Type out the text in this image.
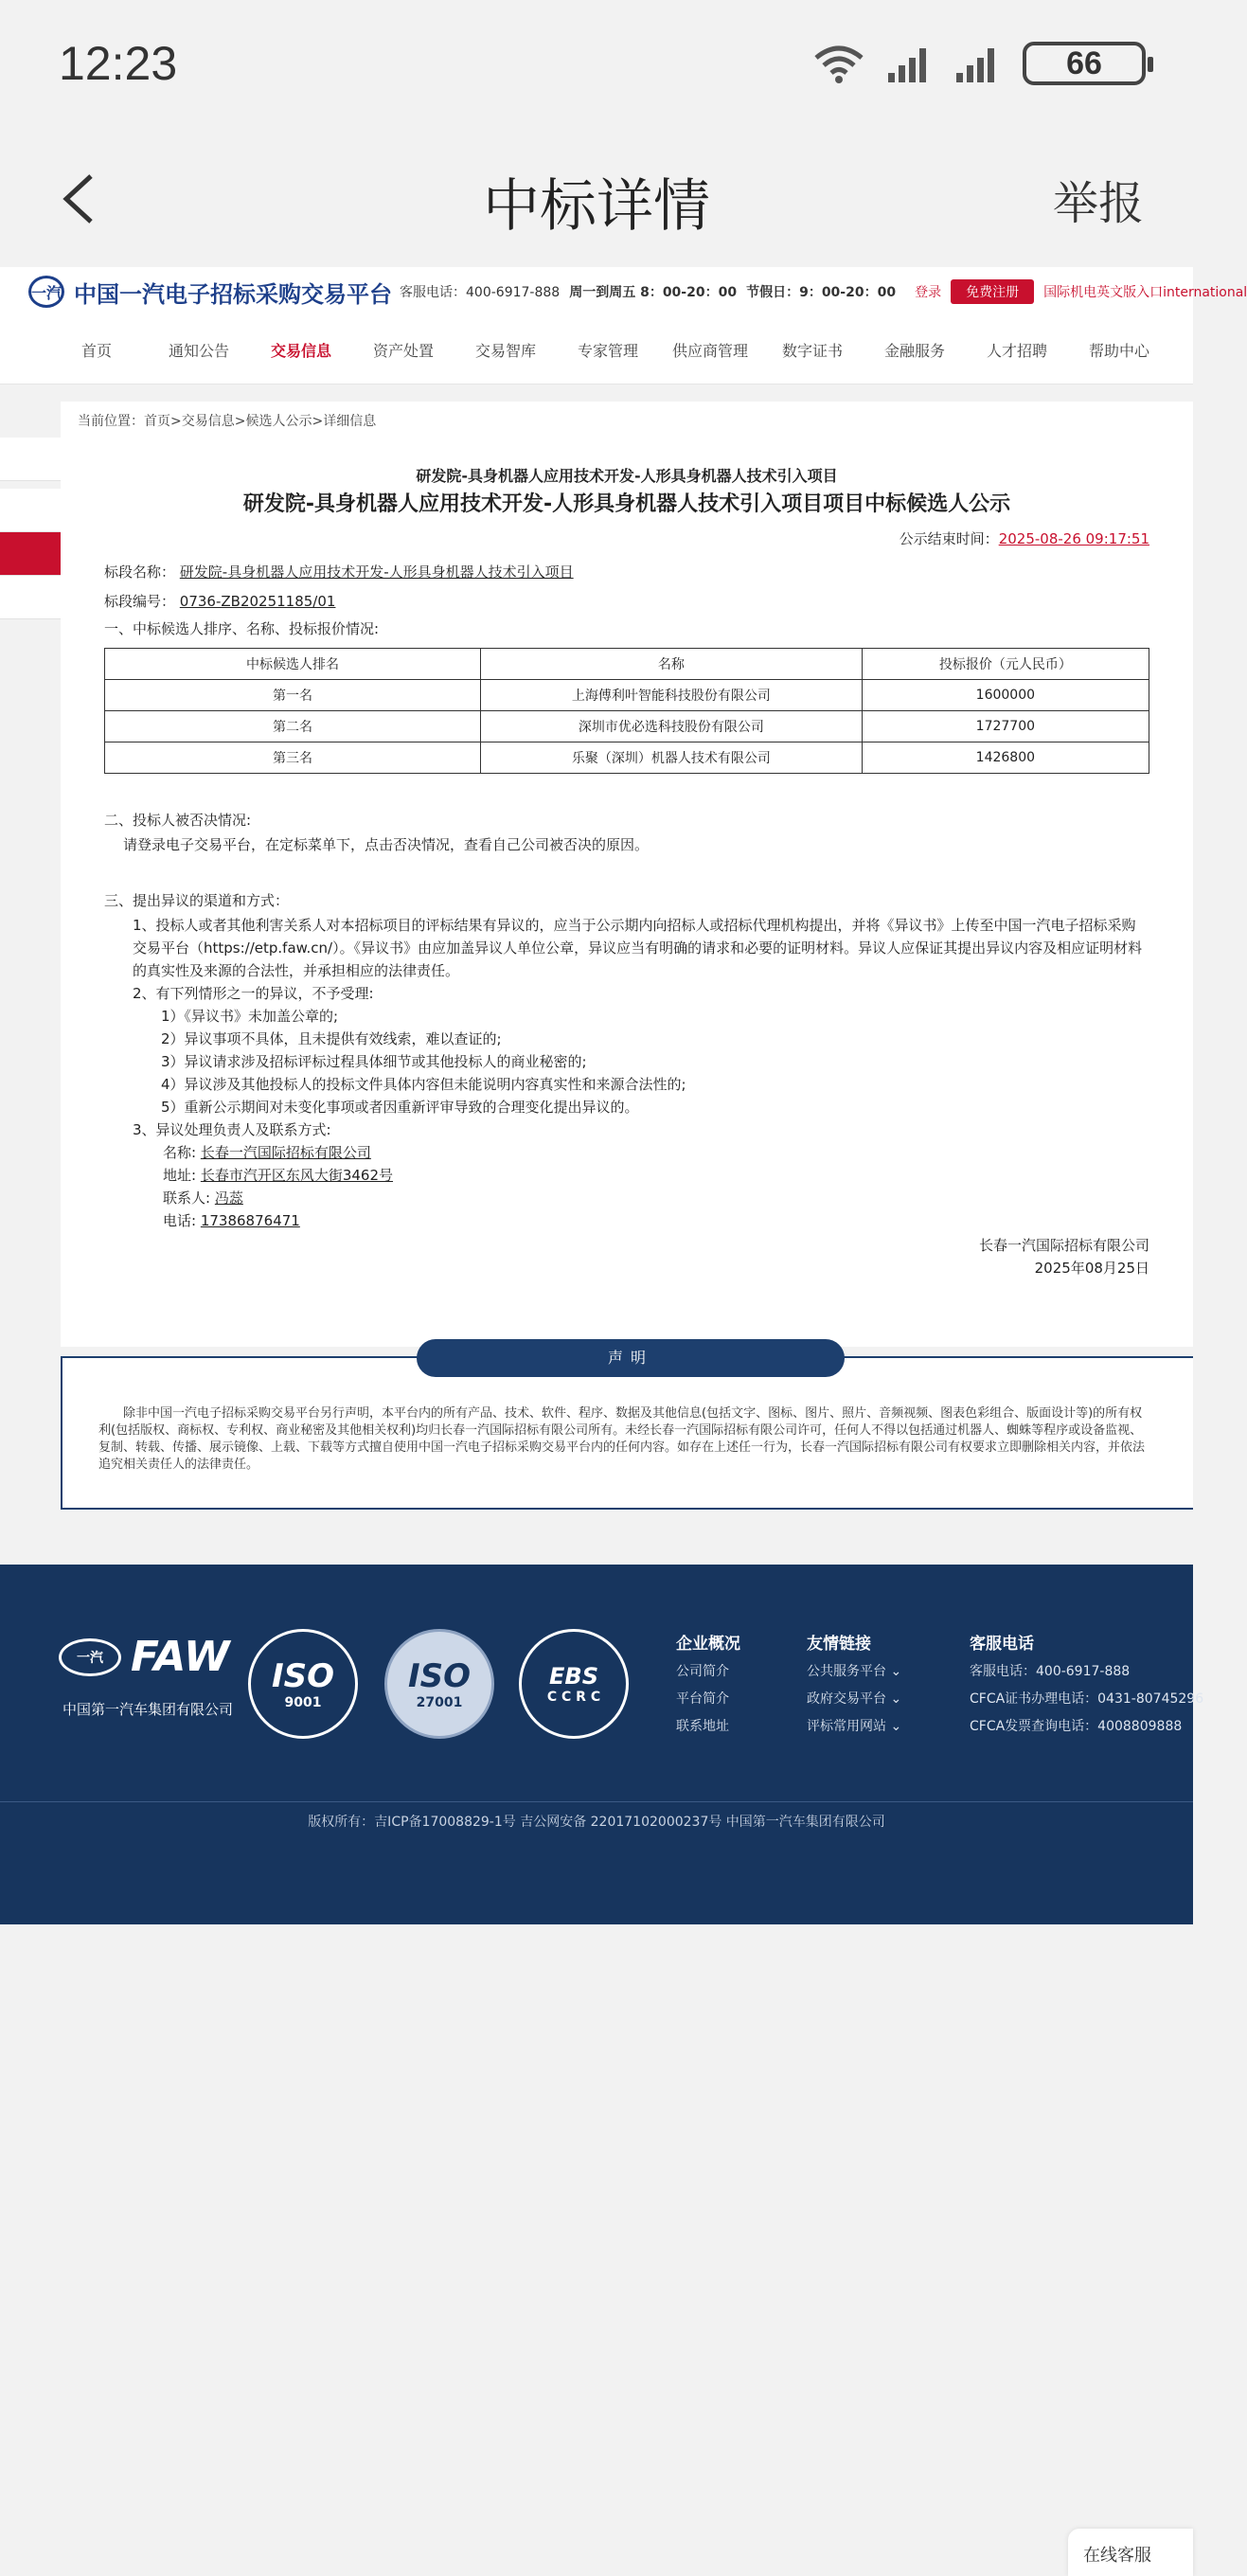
12:23	66
中标详情	举报
一汽 中国一汽电子招标采购交易平台 客服电话：400-6917-888 周一到周五 8：00-20：00 节假日：9：00-20：00 登录	免费注册	国际机电英文版入口international
首页	通知公告	交易信息	资产处置	交易智库	专家管理	供应商管理	数字证书	金融服务	人才招聘	帮助中心
当前位置：首页>交易信息>候选人公示>详细信息
研发院-具身机器人应用技术开发-人形具身机器人技术引入项目
研发院-具身机器人应用技术开发-人形具身机器人技术引入项目项目中标候选人公示
公示结束时间：2025-08-26 09:17:51
标段名称： 研发院-具身机器人应用技术开发-人形具身机器人技术引入项目
标段编号： 0736-ZB20251185/01
一、中标候选人排序、名称、投标报价情况:
中标候选人排名	名称	投标报价（元人民币）
第一名	上海傅利叶智能科技股份有限公司	1600000
第二名	深圳市优必选科技股份有限公司	1727700
第三名	乐聚（深圳）机器人技术有限公司	1426800
二、投标人被否决情况:
请登录电子交易平台，在定标菜单下，点击否决情况，查看自己公司被否决的原因。
三、提出异议的渠道和方式：
1、投标人或者其他利害关系人对本招标项目的评标结果有异议的，应当于公示期内向招标人或招标代理机构提出，并将《异议书》上传至中国一汽电子招标采购交易平台（https://etp.faw.cn/）。《异议书》由应加盖异议人单位公章，异议应当有明确的请求和必要的证明材料。异议人应保证其提出异议内容及相应证明材料的真实性及来源的合法性，并承担相应的法律责任。
2、有下列情形之一的异议，不予受理:
1）《异议书》未加盖公章的;
2）异议事项不具体，且未提供有效线索，难以查证的;
3）异议请求涉及招标评标过程具体细节或其他投标人的商业秘密的;
4）异议涉及其他投标人的投标文件具体内容但未能说明内容真实性和来源合法性的;
5）重新公示期间对未变化事项或者因重新评审导致的合理变化提出异议的。
3、异议处理负责人及联系方式:
名称: 长春一汽国际招标有限公司
地址: 长春市汽开区东风大街3462号
联系人: 冯蕊
电话: 17386876471
长春一汽国际招标有限公司
2025年08月25日
声明
除非中国一汽电子招标采购交易平台另行声明，本平台内的所有产品、技术、软件、程序、数据及其他信息(包括文字、图标、图片、照片、音频视频、图表色彩组合、版面设计等)的所有权利(包括版权、商标权、专利权、商业秘密及其他相关权利)均归长春一汽国际招标有限公司所有。未经长春一汽国际招标有限公司许可，任何人不得以包括通过机器人、蜘蛛等程序或设备监视、复制、转载、传播、展示镜像、上载、下载等方式擅自使用中国一汽电子招标采购交易平台内的任何内容。如存在上述任一行为，长春一汽国际招标有限公司有权要求立即删除相关内容，并依法追究相关责任人的法律责任。
一汽 FAW
中国第一汽车集团有限公司
ISO
9001
ISO
27001
EBS
C C R C
企业概况
公司简介
平台简介
联系地址
友情链接
公共服务平台 ⌄
政府交易平台 ⌄
评标常用网站 ⌄
客服电话
客服电话：400-6917-888
CFCA证书办理电话：0431-80745296
CFCA发票查询电话：4008809888
版权所有：吉ICP备17008829-1号 吉公网安备 22017102000237号 中国第一汽车集团有限公司
在线客服
